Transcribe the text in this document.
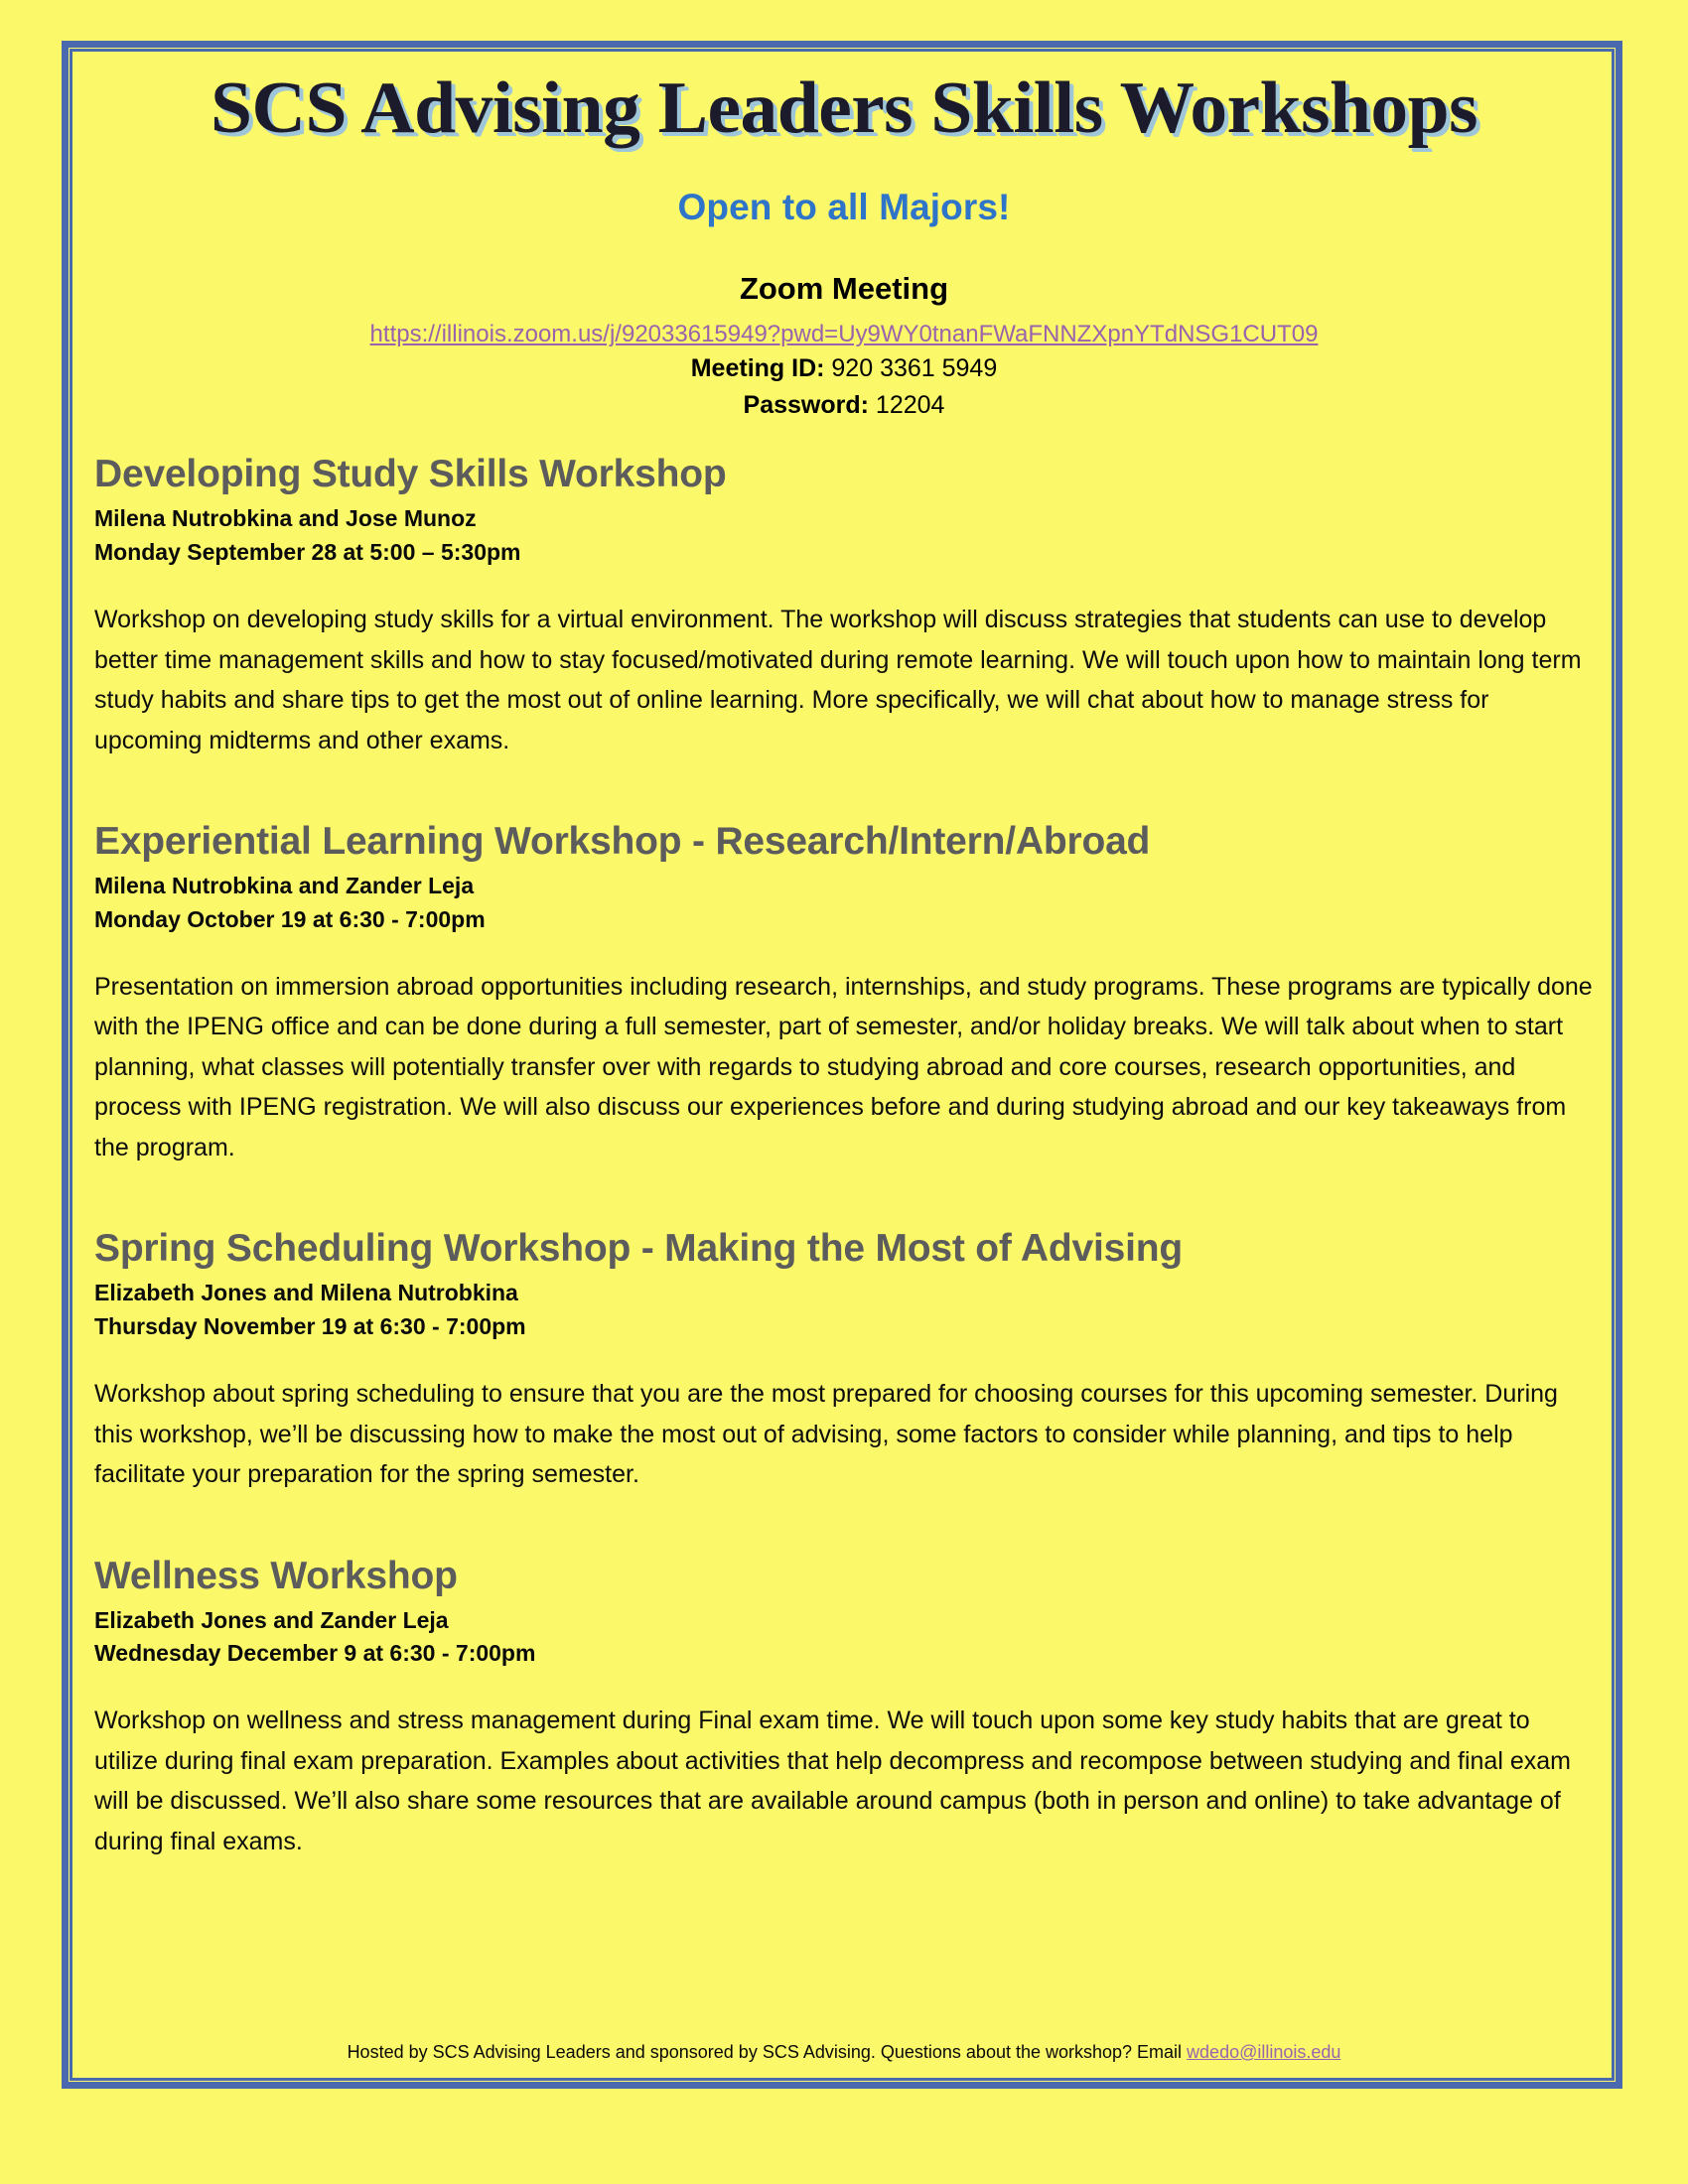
SCS Advising Leaders Skills Workshops
Open to all Majors!
Zoom Meeting
https://illinois.zoom.us/j/92033615949?pwd=Uy9WY0tnanFWaFNNZXpnYTdNSG1CUT09
Meeting ID: 920 3361 5949
Password: 12204
Developing Study Skills Workshop
Milena Nutrobkina and Jose Munoz
Monday September 28 at 5:00 – 5:30pm

Workshop on developing study skills for a virtual environment. The workshop will discuss strategies that students can use to develop better time management skills and how to stay focused/motivated during remote learning. We will touch upon how to maintain long term study habits and share tips to get the most out of online learning. More specifically, we will chat about how to manage stress for upcoming midterms and other exams.

Experiential Learning Workshop - Research/Intern/Abroad
Milena Nutrobkina and Zander Leja
Monday October 19 at 6:30 - 7:00pm

Presentation on immersion abroad opportunities including research, internships, and study programs. These programs are typically done with the IPENG office and can be done during a full semester, part of semester, and/or holiday breaks. We will talk about when to start planning, what classes will potentially transfer over with regards to studying abroad and core courses, research opportunities, and process with IPENG registration. We will also discuss our experiences before and during studying abroad and our key takeaways from the program.

Spring Scheduling Workshop - Making the Most of Advising
Elizabeth Jones and Milena Nutrobkina
Thursday November 19 at 6:30 - 7:00pm

Workshop about spring scheduling to ensure that you are the most prepared for choosing courses for this upcoming semester. During this workshop, we’ll be discussing how to make the most out of advising, some factors to consider while planning, and tips to help facilitate your preparation for the spring semester.

Wellness Workshop
Elizabeth Jones and Zander Leja
Wednesday December 9 at 6:30 - 7:00pm

Workshop on wellness and stress management during Final exam time. We will touch upon some key study habits that are great to utilize during final exam preparation. Examples about activities that help decompress and recompose between studying and final exam will be discussed. We’ll also share some resources that are available around campus (both in person and online) to take advantage of during final exams.

Hosted by SCS Advising Leaders and sponsored by SCS Advising. Questions about the workshop? Email wdedo@illinois.edu
